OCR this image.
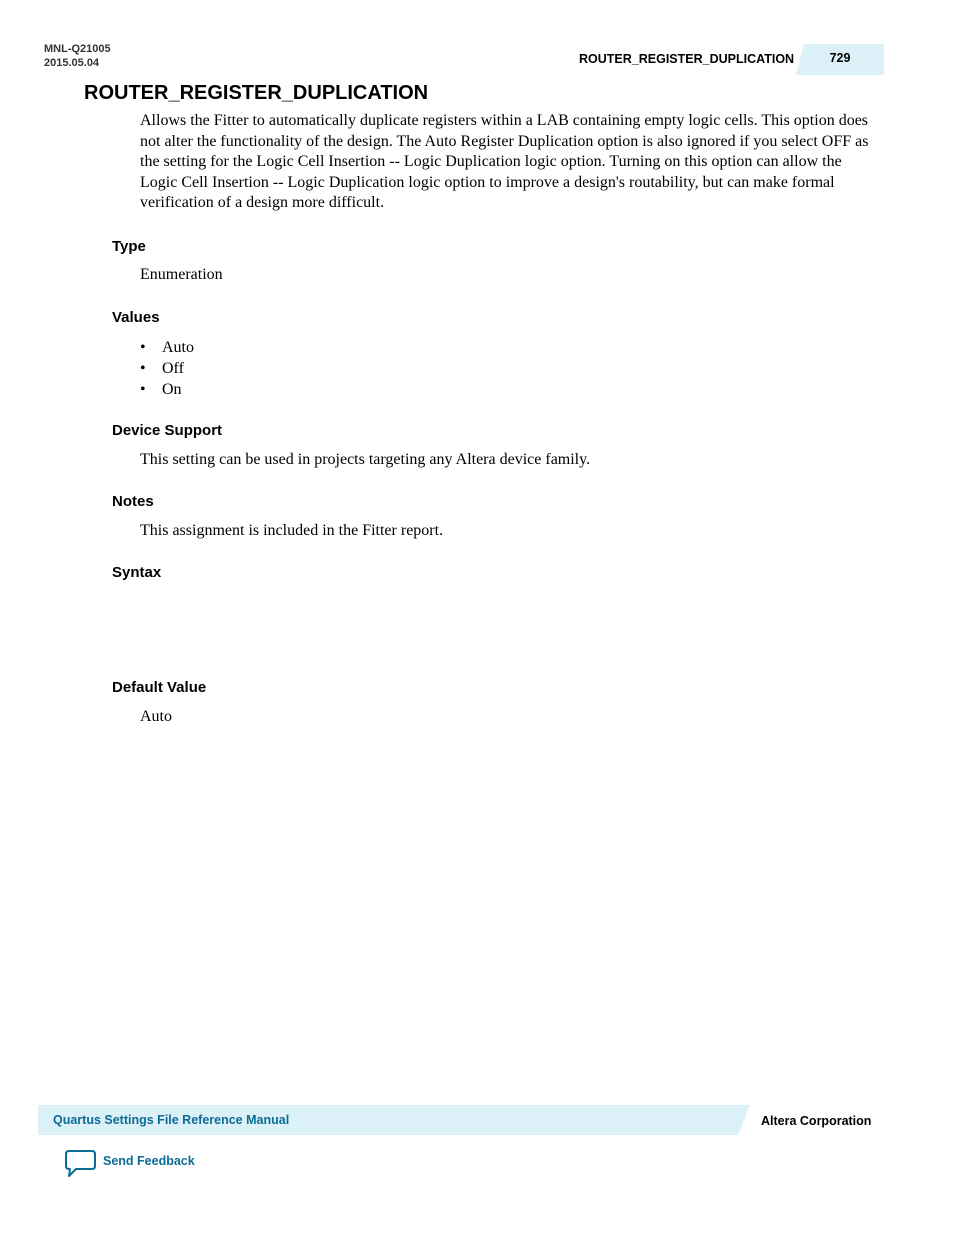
MNL-Q21005
2015.05.04	ROUTER_REGISTER_DUPLICATION	729
ROUTER_REGISTER_DUPLICATION

Allows the Fitter to automatically duplicate registers within a LAB containing empty logic cells. This option does not alter the functionality of the design. The Auto Register Duplication option is also ignored if you select OFF as the setting for the Logic Cell Insertion -- Logic Duplication logic option. Turning on this option can allow the Logic Cell Insertion -- Logic Duplication logic option to improve a design's routability, but can make formal verification of a design more difficult.

Type
Enumeration
Values
• Auto
• Off
• On
Device Support
This setting can be used in projects targeting any Altera device family.
Notes
This assignment is included in the Fitter report.
Syntax
Default Value
Auto
Quartus Settings File Reference Manual	Altera Corporation
Send Feedback
